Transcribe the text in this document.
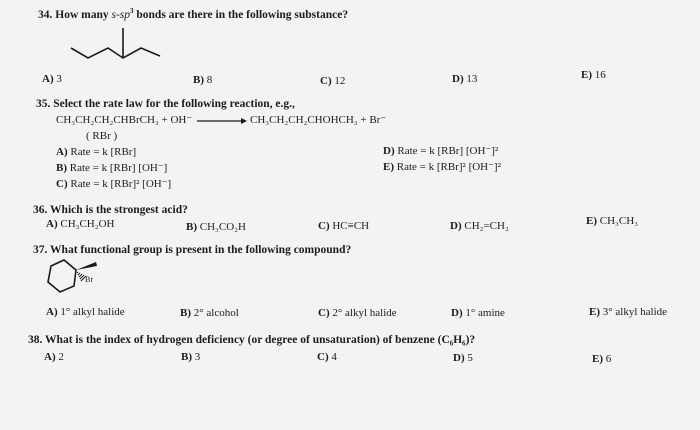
34. How many $s-sp^3$ bonds are there in the following substance?
A) 3	B) 8	C) 12	D) 13	E) 16
35. Select the rate law for the following reaction, e.g.,
CH₃CH₂CH₂CHBrCH₃ + OH⁻ → CH₃CH₂CH₂CHOHCH₃ + Br⁻
( RBr )
A) Rate = k [RBr]
B) Rate = k [RBr] [OH⁻]
C) Rate = k [RBr]² [OH⁻]
D) Rate = k [RBr] [OH⁻]²
E) Rate = k [RBr]² [OH⁻]²
36. Which is the strongest acid?
A) CH₃CH₂OH	B) CH₃CO₂H	C) HC≡CH	D) CH₂=CH₂	E) CH₃CH₃
37. What functional group is present in the following compound?
Br
A) 1° alkyl halide	B) 2° alcohol	C) 2° alkyl halide	D) 1° amine	E) 3° alkyl halide
38. What is the index of hydrogen deficiency (or degree of unsaturation) of benzene (C₆H₆)?
A) 2	B) 3	C) 4	D) 5	E) 6
